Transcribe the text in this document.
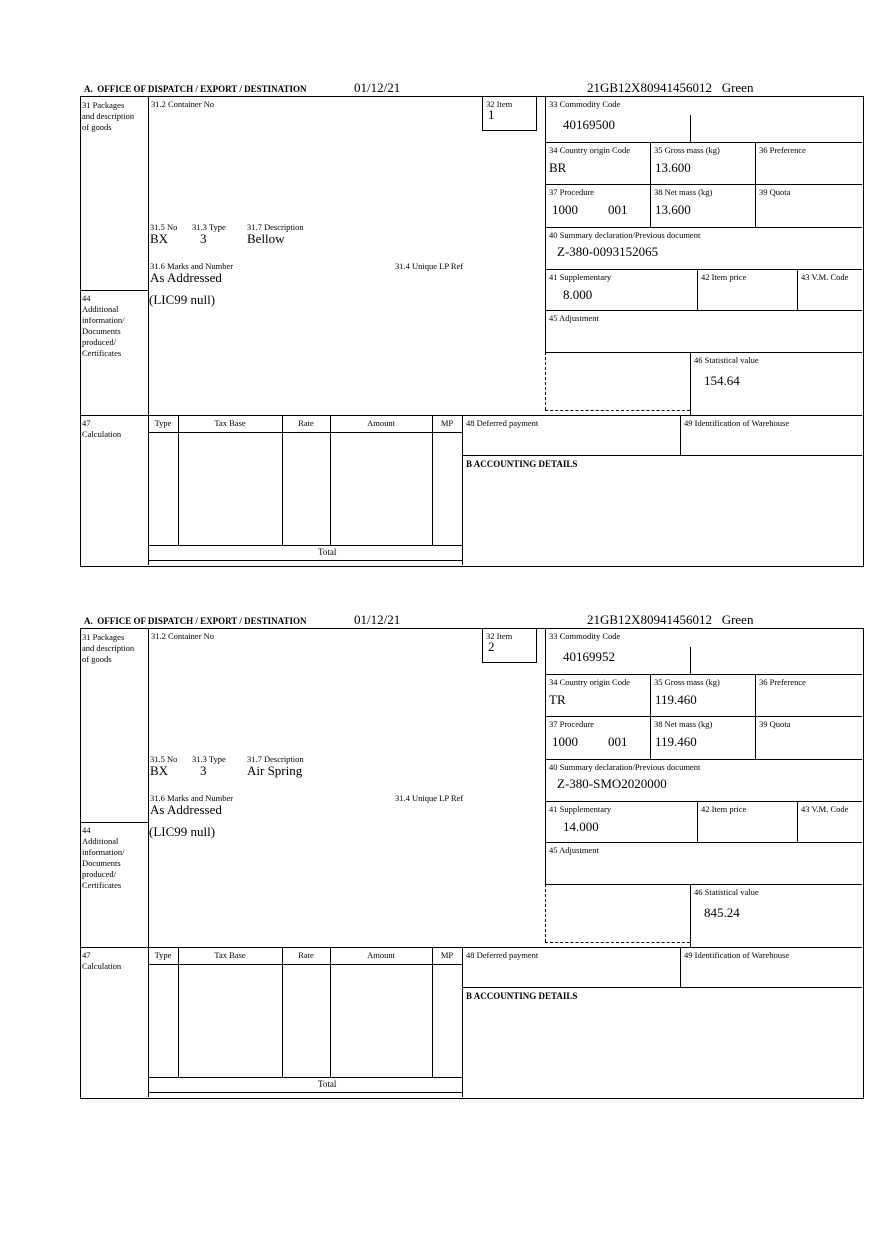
A.  OFFICE OF DISPATCH / EXPORT / DESTINATION	01/12/21	21GB12X80941456012   Green
31 Packages and description of goods
44
Additional information/ Documents produced/ Certificates
47
Calculation
31.2 Container No	32 Item
1
31.5 No 31.3 Type	31.7 Description
BX 3	Bellow
31.6 Marks and Number	31.4 Unique LP Ref
As Addressed
(LIC99 null)
33 Commodity Code
40169500
34 Country origin Code
BR
35 Gross mass (kg)
13.600
36 Preference
37 Procedure
1000 001
38 Net mass (kg)
13.600
39 Quota
40 Summary declaration/Previous document
Z-380-0093152065
41 Supplementary
8.000
42 Item price	43 V.M. Code
45 Adjustment
46 Statistical value
154.64
Type	Tax Base	Rate	Amount	MP
Total
48 Deferred payment	49 Identification of Warehouse
B ACCOUNTING DETAILS
A.  OFFICE OF DISPATCH / EXPORT / DESTINATION	01/12/21	21GB12X80941456012   Green
31 Packages and description of goods
44
Additional information/ Documents produced/ Certificates
47
Calculation
31.2 Container No	32 Item
2
31.5 No 31.3 Type	31.7 Description
BX 3	Air Spring
31.6 Marks and Number	31.4 Unique LP Ref
As Addressed
(LIC99 null)
33 Commodity Code
40169952
34 Country origin Code
TR
35 Gross mass (kg)
119.460
36 Preference
37 Procedure
1000 001
38 Net mass (kg)
119.460
39 Quota
40 Summary declaration/Previous document
Z-380-SMO2020000
41 Supplementary
14.000
42 Item price	43 V.M. Code
45 Adjustment
46 Statistical value
845.24
Type	Tax Base	Rate	Amount	MP
Total
48 Deferred payment	49 Identification of Warehouse
B ACCOUNTING DETAILS
